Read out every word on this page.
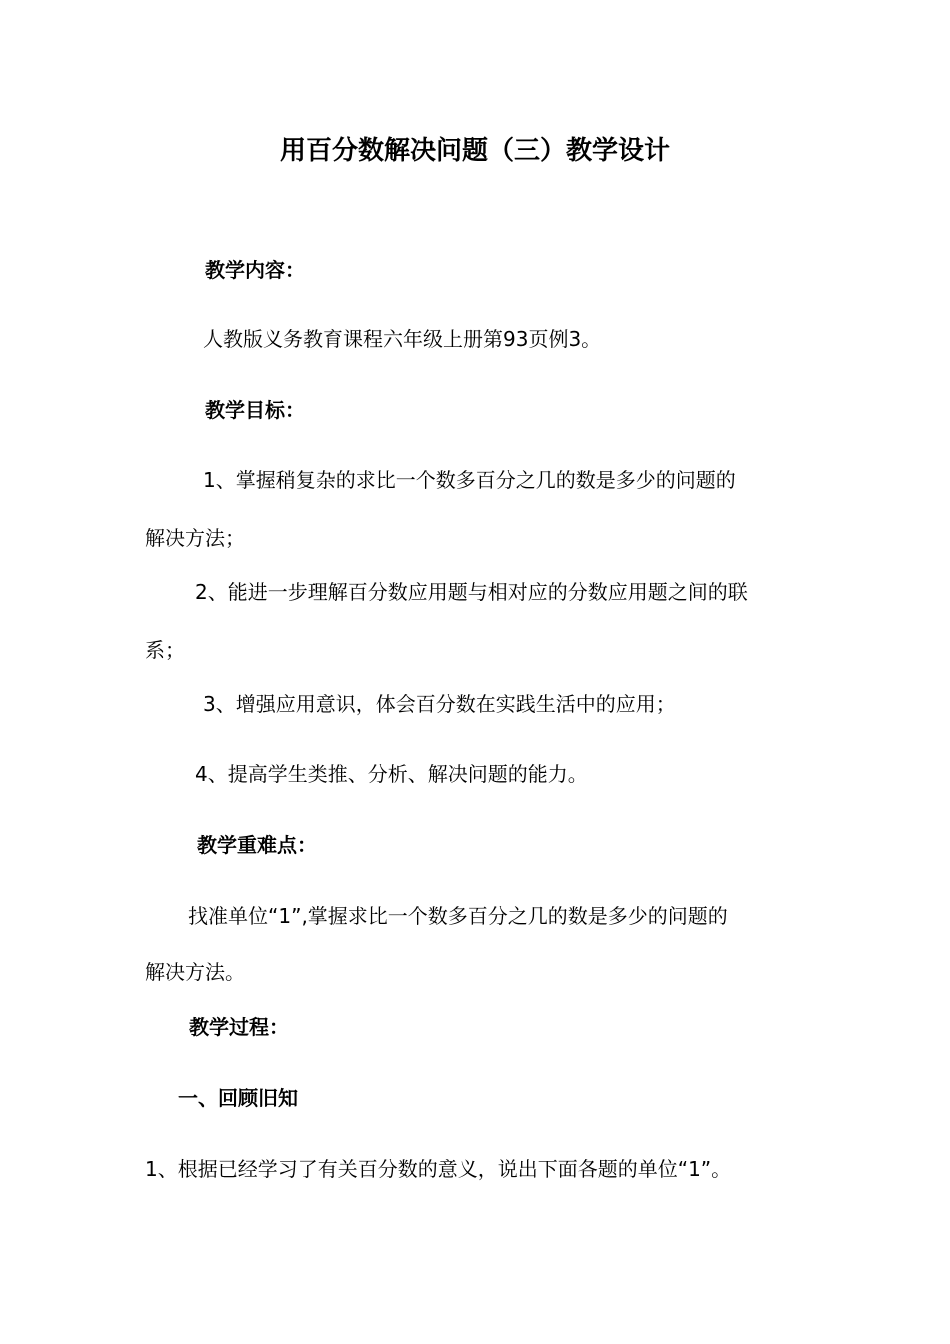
用百分数解决问题（三）教学设计
教学内容：
人教版义务教育课程六年级上册第93页例3。
教学目标：
1、掌握稍复杂的求比一个数多百分之几的数是多少的问题的
解决方法；
2、能进一步理解百分数应用题与相对应的分数应用题之间的联
系；
3、增强应用意识，体会百分数在实践生活中的应用；
4、提高学生类推、分析、解决问题的能力。
教学重难点：
找准单位“1”,掌握求比一个数多百分之几的数是多少的问题的
解决方法。
教学过程：
一、回顾旧知
1、根据已经学习了有关百分数的意义，说出下面各题的单位“1”。
